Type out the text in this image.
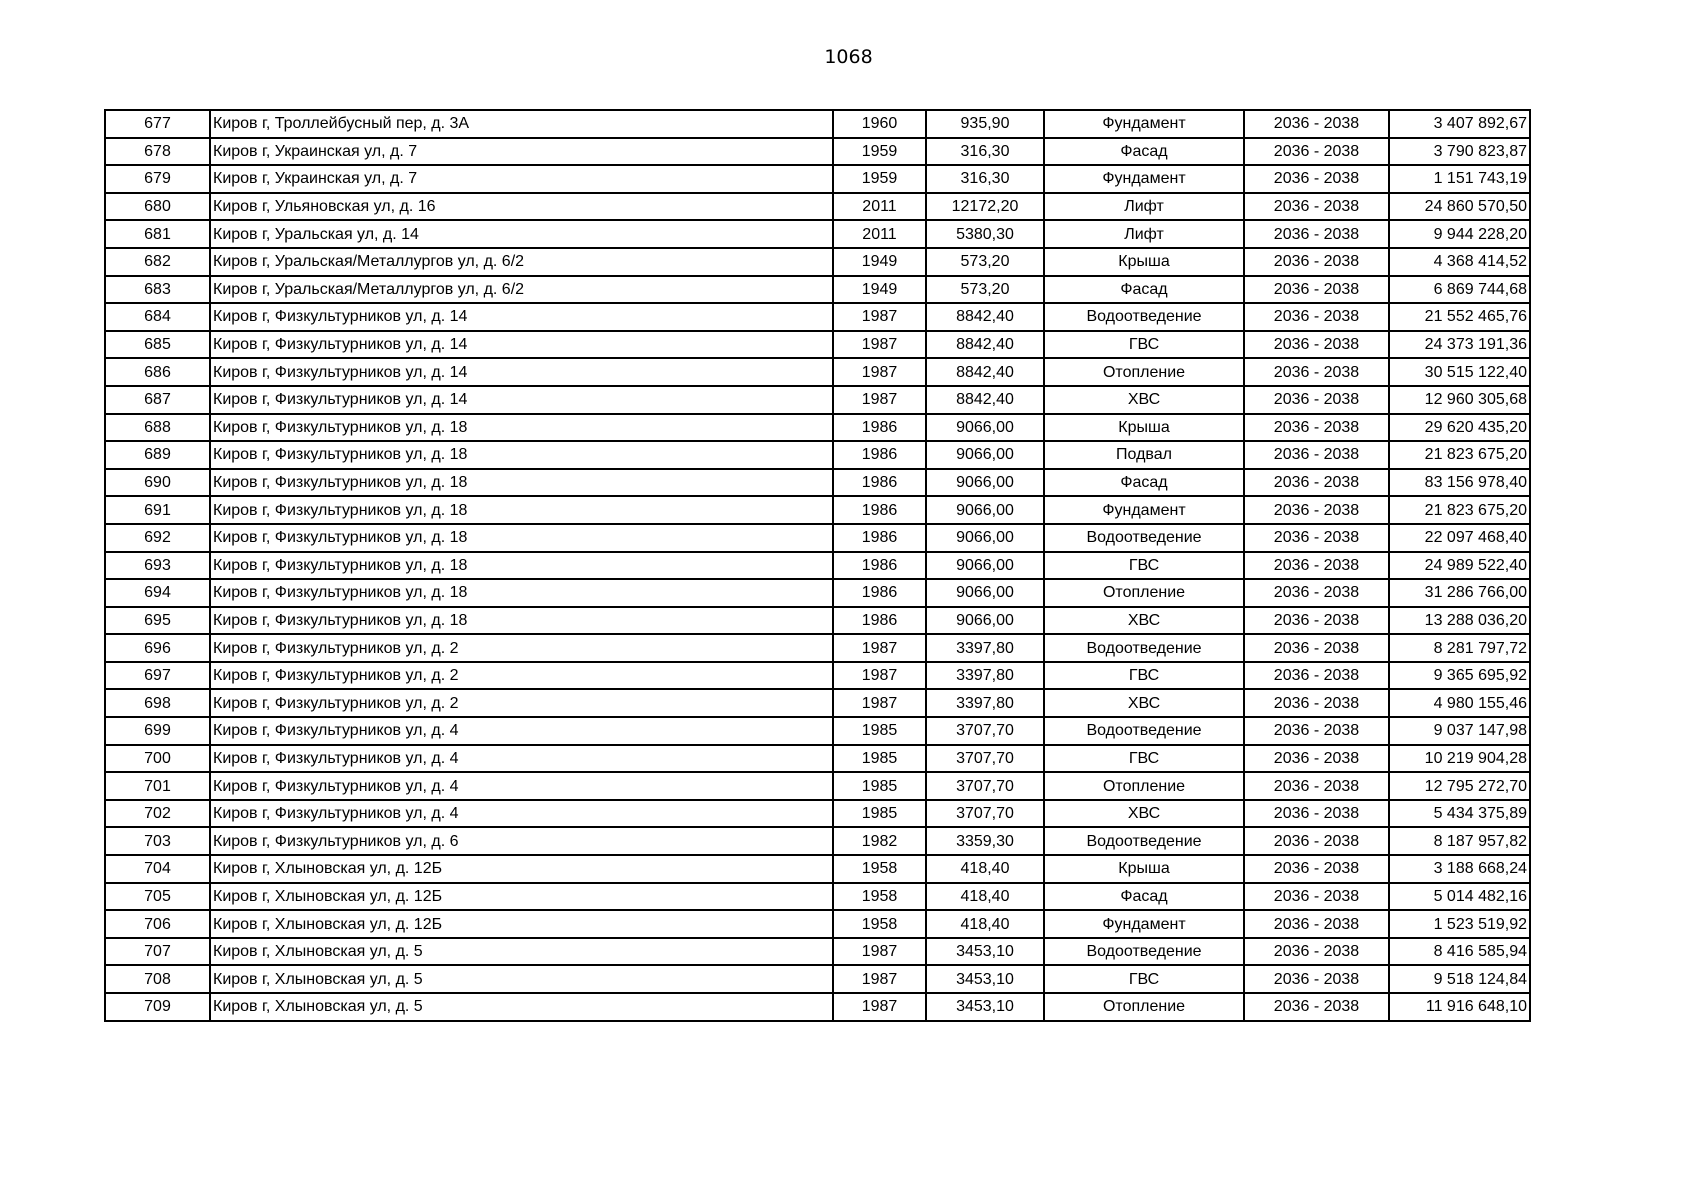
1068
677	Киров г, Троллейбусный пер, д. 3А	1960	935,90	Фундамент	2036 - 2038	3 407 892,67
678	Киров г, Украинская ул, д. 7	1959	316,30	Фасад	2036 - 2038	3 790 823,87
679	Киров г, Украинская ул, д. 7	1959	316,30	Фундамент	2036 - 2038	1 151 743,19
680	Киров г, Ульяновская ул, д. 16	2011	12172,20	Лифт	2036 - 2038	24 860 570,50
681	Киров г, Уральская ул, д. 14	2011	5380,30	Лифт	2036 - 2038	9 944 228,20
682	Киров г, Уральская/Металлургов ул, д. 6/2	1949	573,20	Крыша	2036 - 2038	4 368 414,52
683	Киров г, Уральская/Металлургов ул, д. 6/2	1949	573,20	Фасад	2036 - 2038	6 869 744,68
684	Киров г, Физкультурников ул, д. 14	1987	8842,40	Водоотведение	2036 - 2038	21 552 465,76
685	Киров г, Физкультурников ул, д. 14	1987	8842,40	ГВС	2036 - 2038	24 373 191,36
686	Киров г, Физкультурников ул, д. 14	1987	8842,40	Отопление	2036 - 2038	30 515 122,40
687	Киров г, Физкультурников ул, д. 14	1987	8842,40	ХВС	2036 - 2038	12 960 305,68
688	Киров г, Физкультурников ул, д. 18	1986	9066,00	Крыша	2036 - 2038	29 620 435,20
689	Киров г, Физкультурников ул, д. 18	1986	9066,00	Подвал	2036 - 2038	21 823 675,20
690	Киров г, Физкультурников ул, д. 18	1986	9066,00	Фасад	2036 - 2038	83 156 978,40
691	Киров г, Физкультурников ул, д. 18	1986	9066,00	Фундамент	2036 - 2038	21 823 675,20
692	Киров г, Физкультурников ул, д. 18	1986	9066,00	Водоотведение	2036 - 2038	22 097 468,40
693	Киров г, Физкультурников ул, д. 18	1986	9066,00	ГВС	2036 - 2038	24 989 522,40
694	Киров г, Физкультурников ул, д. 18	1986	9066,00	Отопление	2036 - 2038	31 286 766,00
695	Киров г, Физкультурников ул, д. 18	1986	9066,00	ХВС	2036 - 2038	13 288 036,20
696	Киров г, Физкультурников ул, д. 2	1987	3397,80	Водоотведение	2036 - 2038	8 281 797,72
697	Киров г, Физкультурников ул, д. 2	1987	3397,80	ГВС	2036 - 2038	9 365 695,92
698	Киров г, Физкультурников ул, д. 2	1987	3397,80	ХВС	2036 - 2038	4 980 155,46
699	Киров г, Физкультурников ул, д. 4	1985	3707,70	Водоотведение	2036 - 2038	9 037 147,98
700	Киров г, Физкультурников ул, д. 4	1985	3707,70	ГВС	2036 - 2038	10 219 904,28
701	Киров г, Физкультурников ул, д. 4	1985	3707,70	Отопление	2036 - 2038	12 795 272,70
702	Киров г, Физкультурников ул, д. 4	1985	3707,70	ХВС	2036 - 2038	5 434 375,89
703	Киров г, Физкультурников ул, д. 6	1982	3359,30	Водоотведение	2036 - 2038	8 187 957,82
704	Киров г, Хлыновская ул, д. 12Б	1958	418,40	Крыша	2036 - 2038	3 188 668,24
705	Киров г, Хлыновская ул, д. 12Б	1958	418,40	Фасад	2036 - 2038	5 014 482,16
706	Киров г, Хлыновская ул, д. 12Б	1958	418,40	Фундамент	2036 - 2038	1 523 519,92
707	Киров г, Хлыновская ул, д. 5	1987	3453,10	Водоотведение	2036 - 2038	8 416 585,94
708	Киров г, Хлыновская ул, д. 5	1987	3453,10	ГВС	2036 - 2038	9 518 124,84
709	Киров г, Хлыновская ул, д. 5	1987	3453,10	Отопление	2036 - 2038	11 916 648,10
